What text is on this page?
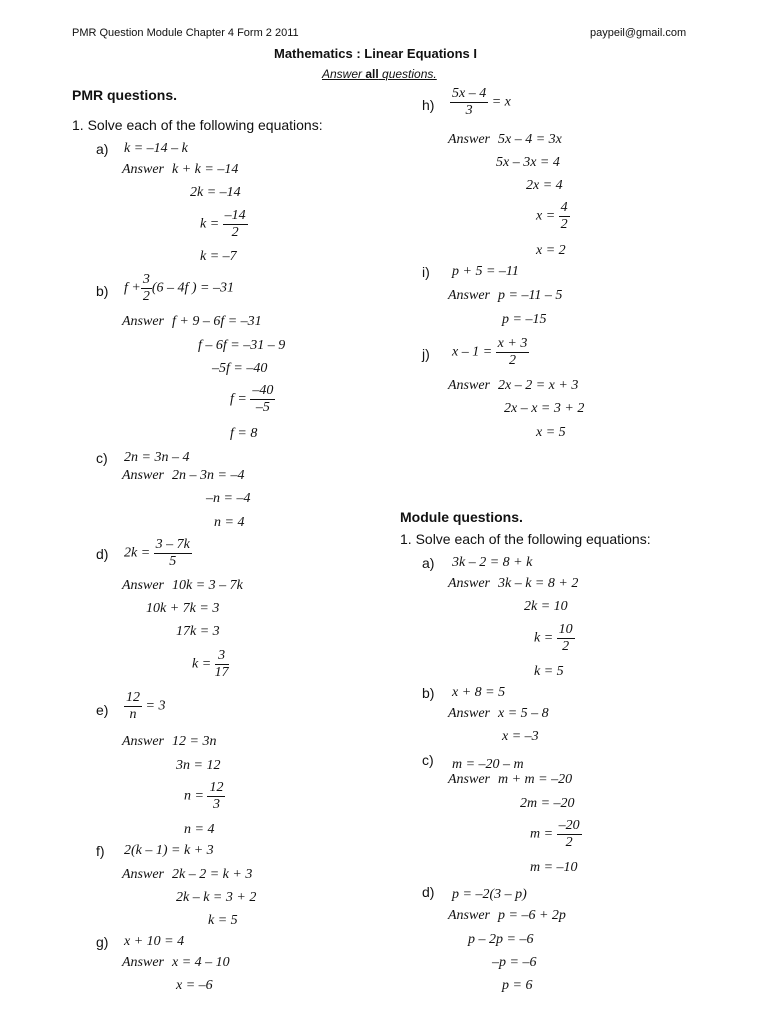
PMR Question Module Chapter 4 Form 2 2011	paypeil@gmail.com
Mathematics : Linear Equations I
Answer all questions.
PMR questions.
1. Solve each of the following equations:
a) k = –14 – k
Answer k + k = –14
2k = –14
$k = \frac{-14}{2}$
k = –7
b) $f + \frac{3}{2} (6 - 4f$ ) = –31
Answer f + 9 – 6f = –31
f – 6f = –31 – 9
–5f = –40
$f = \frac{-40}{-5}$
f = 8
c) 2n = 3n – 4
Answer 2n – 3n = –4
–n = –4
n = 4
d) $2k = \frac{3 - 7k}{5}$
Answer 10k = 3 – 7k
10k + 7k = 3
17k = 3
$k = \frac{3}{17}$
$e) \frac{12}{n} = 3$
Answer 12 = 3n
3n = 12
$n = \frac{12}{3}$
n = 4
f) 2(k – 1) = k + 3
Answer 2k – 2 = k + 3
2k – k = 3 + 2
k = 5
g) x + 10 = 4
Answer x = 4 – 10
x = –6
$h) \frac{5x - 4}{3} = x$
Answer 5x – 4 = 3x
5x – 3x = 4
2x = 4
$x = \frac{4}{2}$
x = 2
i) p + 5 = –11
Answer p = –11 – 5
p = –15
j) $x - 1 = \frac{x + 3}{2}$
Answer 2x – 2 = x + 3
2x – x = 3 + 2
x = 5
Module questions.
1. Solve each of the following equations:
a) 3k – 2 = 8 + k
Answer 3k – k = 8 + 2
2k = 10
$k = \frac{10}{2}$
k = 5
b) x + 8 = 5
Answer x = 5 – 8
x = –3
c) m = –20 – m
Answer m + m = –20
2m = –20
$m = \frac{-20}{2}$
m = –10
d) p = –2(3 – p)
Answer p = –6 + 2p
p – 2p = –6
–p = –6
p = 6
